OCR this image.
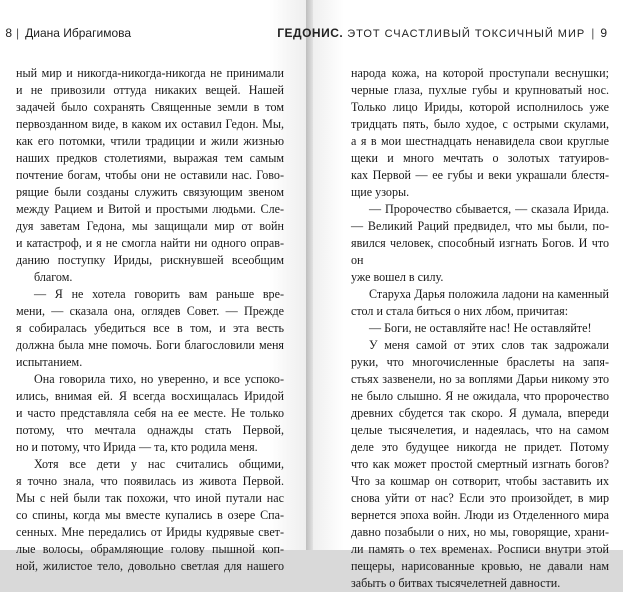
8 | Диана Ибрагимова

ный мир и никогда-никогда-никогда не принимали

и не привозили оттуда никаких вещей. Нашей

задачей было сохранять Священные земли в том

первозданном виде, в каком их оставил Гедон. Мы,

как его потомки, чтили традиции и жили жизнью

наших предков столетиями, выражая тем самым

почтение богам, чтобы они не оставили нас. Гово-

рящие были созданы служить связующим звеном

между Рацием и Витой и простыми людьми. Сле-

дуя заветам Гедона, мы защищали мир от войн

и катастроф, и я не смогла найти ни одного оправ-

данию поступку Ириды, рискнувшей всеобщим

благом.

— Я не хотела говорить вам раньше вре-

мени, — сказала она, оглядев Совет. — Прежде

я собиралась убедиться все в том, и эта весть

должна была мне помочь. Боги благословили меня

испытанием.

Она говорила тихо, но уверенно, и все успоко-

ились, внимая ей. Я всегда восхищалась Иридой

и часто представляла себя на ее месте. Не только

потому, что мечтала однажды стать Первой,

но и потому, что Ирида — та, кто родила меня.

Хотя все дети у нас считались общими,

я точно знала, что появилась из живота Первой.

Мы с ней были так похожи, что иной путали нас

со спины, когда мы вместе купались в озере Спа-

сенных. Мне передались от Ириды кудрявые свет-

лые волосы, обрамляющие голову пышной коп-

ной, жилистое тело, довольно светлая для нашего

ГЕДОНИС. ЭТОТ СЧАСТЛИВЫЙ ТОКСИЧНЫЙ МИР | 9

народа кожа, на которой проступали веснушки;

черные глаза, пухлые губы и крупноватый нос.

Только лицо Ириды, которой исполнилось уже

тридцать пять, было худое, с острыми скулами,

а я в мои шестнадцать ненавидела свои круглые

щеки и много мечтать о золотых татуиров-

ках Первой — ее губы и веки украшали блестя-

щие узоры.

— Пророчество сбывается, — сказала Ирида.

— Великий Раций предвидел, что мы были, по-

явился человек, способный изгнать Богов. И что он

уже вошел в силу.

Старуха Дарья положила ладони на каменный

стол и стала биться о них лбом, причитая:

— Боги, не оставляйте нас! Не оставляйте!

У меня самой от этих слов так задрожали

руки, что многочисленные браслеты на запя-

стьях зазвенели, но за воплями Дарьи никому это

не было слышно. Я не ожидала, что пророчество

древних сбудется так скоро. Я думала, впереди

целые тысячелетия, и надеялась, что на самом

деле это будущее никогда не придет. Потому

что как может простой смертный изгнать богов?

Что за кошмар он сотворит, чтобы заставить их

снова уйти от нас? Если это произойдет, в мир

вернется эпоха войн. Люди из Отделенного мира

давно позабыли о них, но мы, говорящие, храни-

ли память о тех временах. Росписи внутри этой

пещеры, нарисованные кровью, не давали нам

забыть о битвах тысячелетней давности.
